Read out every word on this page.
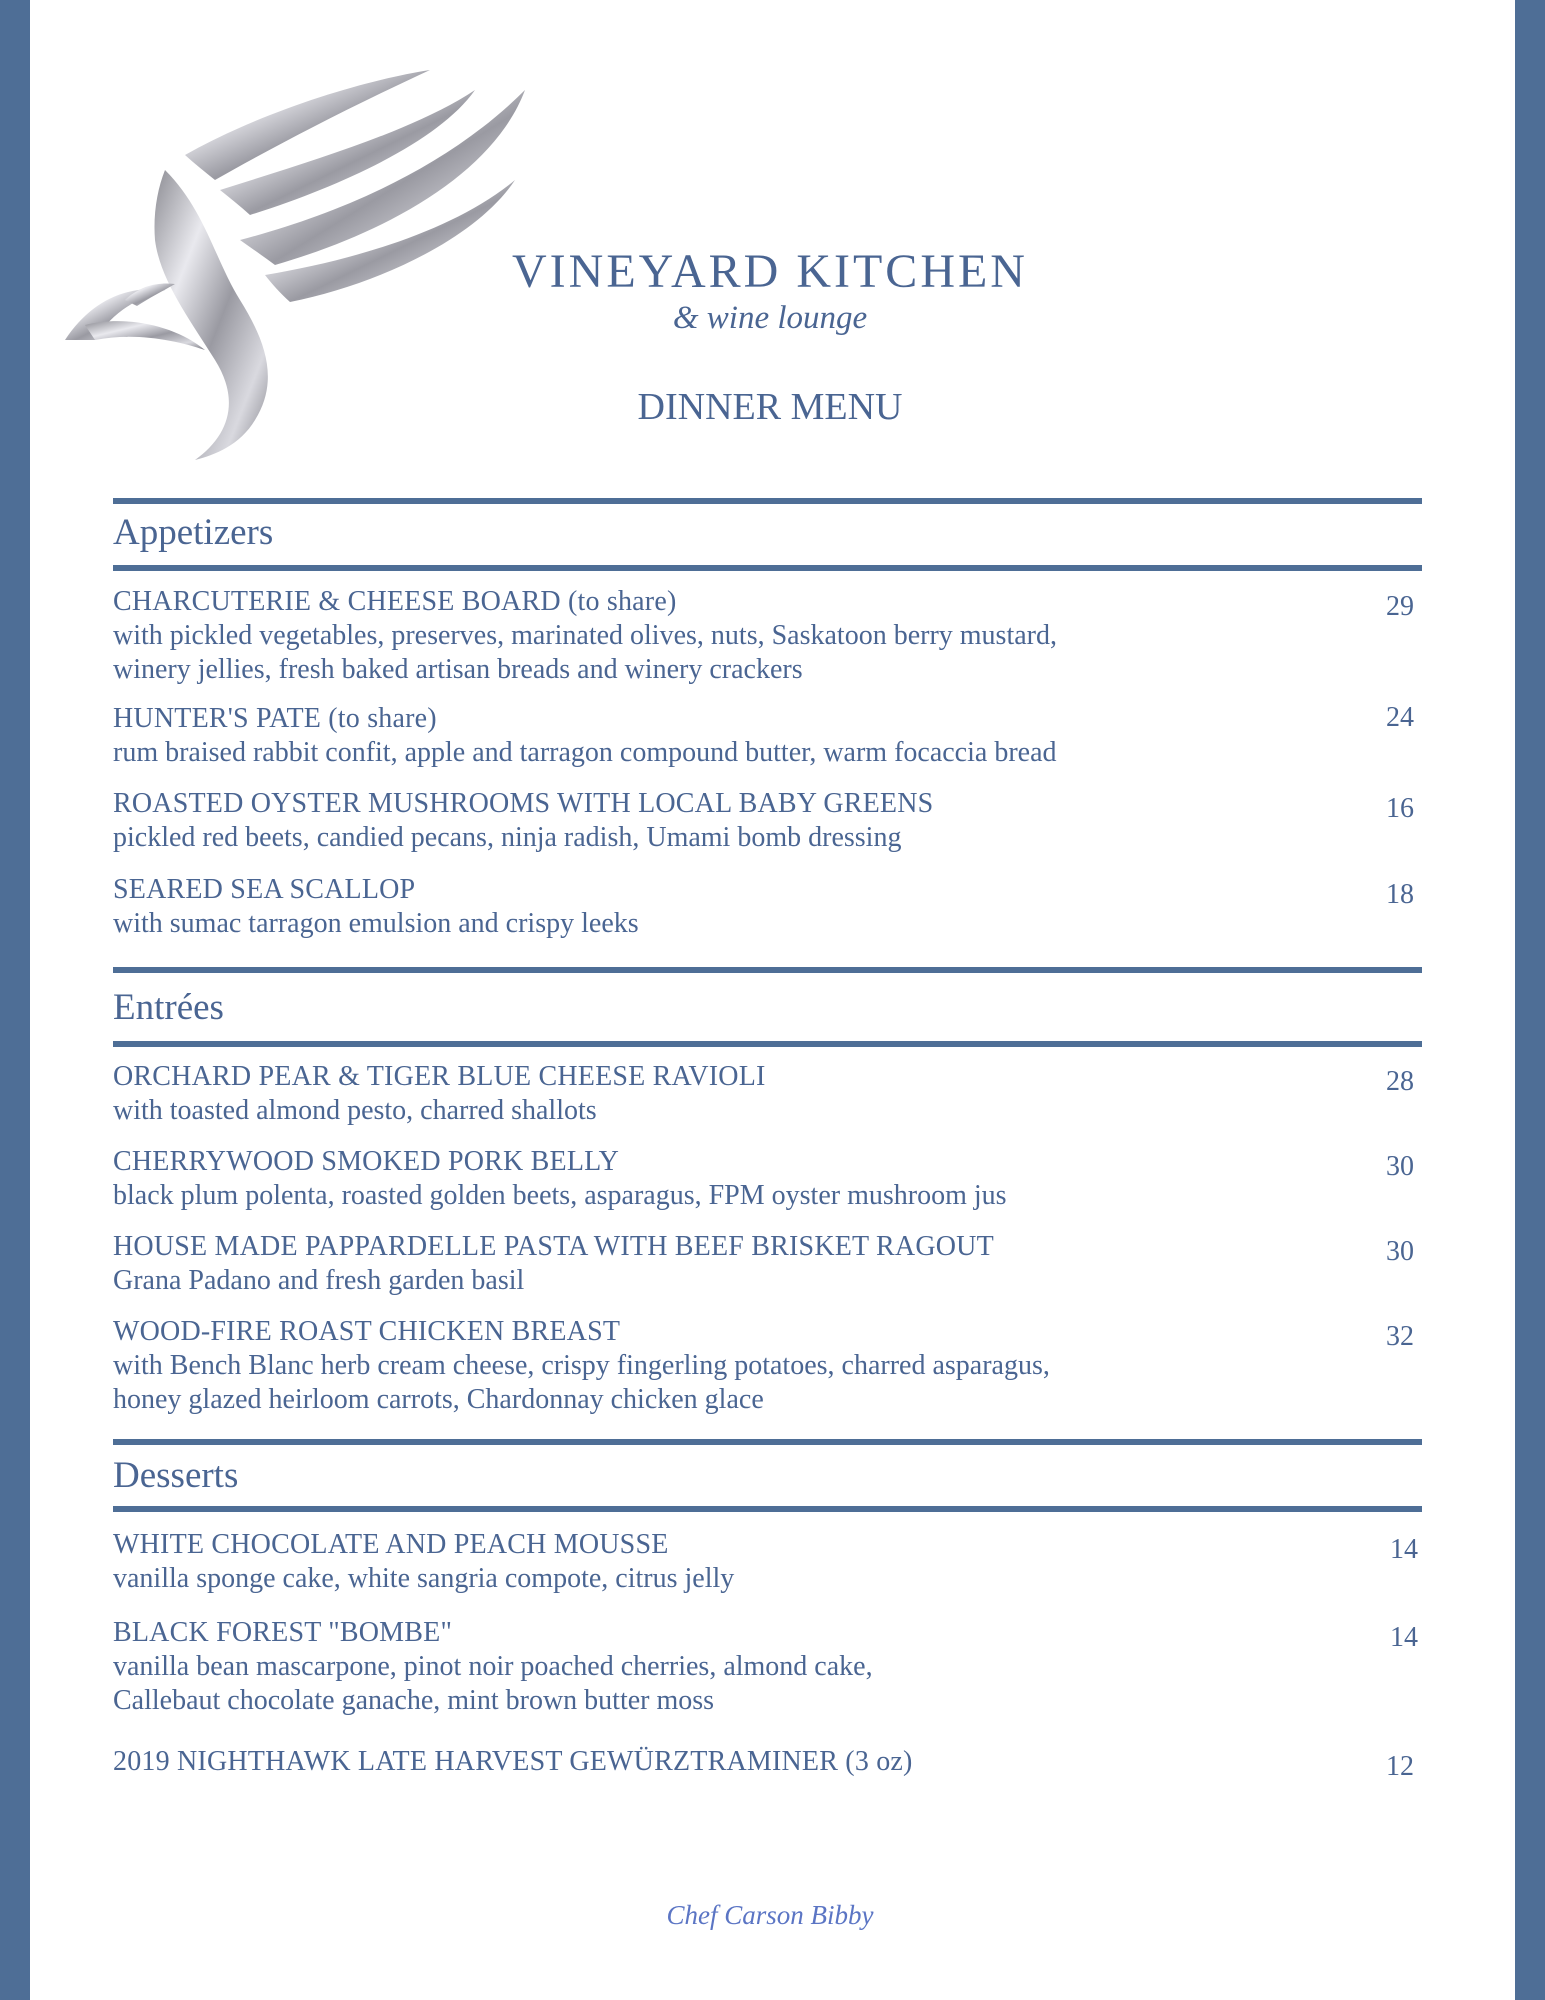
VINEYARD KITCHEN
& wine lounge
DINNER MENU
Appetizers
CHARCUTERIE & CHEESE BOARD (to share)
with pickled vegetables, preserves, marinated olives, nuts, Saskatoon berry mustard,
winery jellies, fresh baked artisan breads and winery crackers
29
HUNTER'S PATE (to share)
rum braised rabbit confit, apple and tarragon compound butter, warm focaccia bread
24
ROASTED OYSTER MUSHROOMS WITH LOCAL BABY GREENS
pickled red beets, candied pecans, ninja radish, Umami bomb dressing
16
SEARED SEA SCALLOP
with sumac tarragon emulsion and crispy leeks
18
Entrées
ORCHARD PEAR & TIGER BLUE CHEESE RAVIOLI
with toasted almond pesto, charred shallots
28
CHERRYWOOD SMOKED PORK BELLY
black plum polenta, roasted golden beets, asparagus, FPM oyster mushroom jus
30
HOUSE MADE PAPPARDELLE PASTA WITH BEEF BRISKET RAGOUT
Grana Padano and fresh garden basil
30
WOOD-FIRE ROAST CHICKEN BREAST
with Bench Blanc herb cream cheese, crispy fingerling potatoes, charred asparagus,
honey glazed heirloom carrots, Chardonnay chicken glace
32
Desserts
WHITE CHOCOLATE AND PEACH MOUSSE
vanilla sponge cake, white sangria compote, citrus jelly
14
BLACK FOREST "BOMBE"
vanilla bean mascarpone, pinot noir poached cherries, almond cake,
Callebaut chocolate ganache, mint brown butter moss
14
2019 NIGHTHAWK LATE HARVEST GEWÜRZTRAMINER (3 oz)	12
Chef Carson Bibby
